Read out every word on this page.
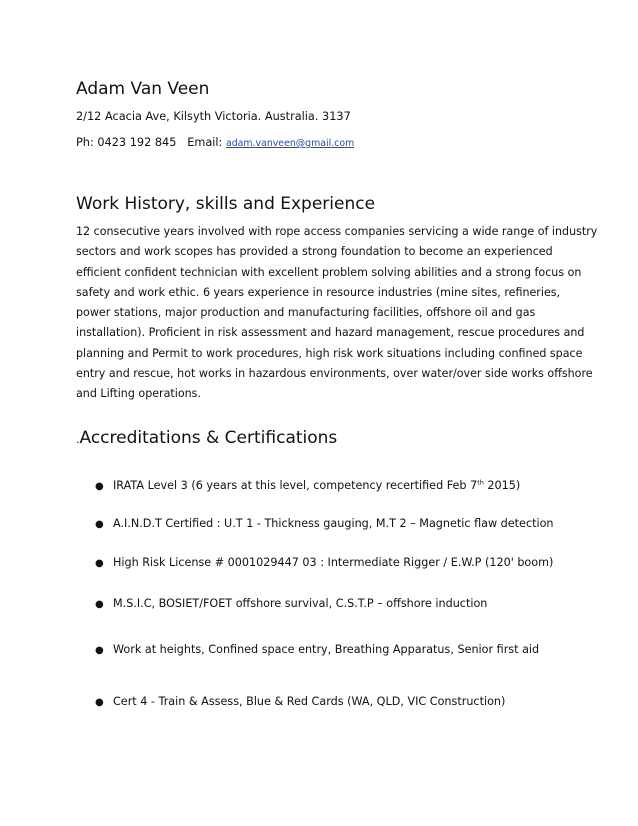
Adam Van Veen
2/12 Acacia Ave, Kilsyth Victoria. Australia. 3137
Ph: 0423 192 845 Email: adam.vanveen@gmail.com
Work History, skills and Experience

12 consecutive years involved with rope access companies servicing a wide range of industry
sectors and work scopes has provided a strong foundation to become an experienced
efficient confident technician with excellent problem solving abilities and a strong focus on
safety and work ethic. 6 years experience in resource industries (mine sites, refineries,
power stations, major production and manufacturing facilities, offshore oil and gas
installation). Proficient in risk assessment and hazard management, rescue procedures and
planning and Permit to work procedures, high risk work situations including confined space
entry and rescue, hot works in hazardous environments, over water/over side works offshore
and Lifting operations.

.Accreditations & Certifications
● IRATA Level 3 (6 years at this level, competency recertified Feb 7th 2015)
● A.I.N.D.T Certified : U.T 1 - Thickness gauging, M.T 2 – Magnetic flaw detection
● High Risk License # 0001029447 03 : Intermediate Rigger / E.W.P (120' boom)
● M.S.I.C, BOSIET/FOET offshore survival, C.S.T.P – offshore induction
● Work at heights, Confined space entry, Breathing Apparatus, Senior first aid
● Cert 4 - Train & Assess, Blue & Red Cards (WA, QLD, VIC Construction)
